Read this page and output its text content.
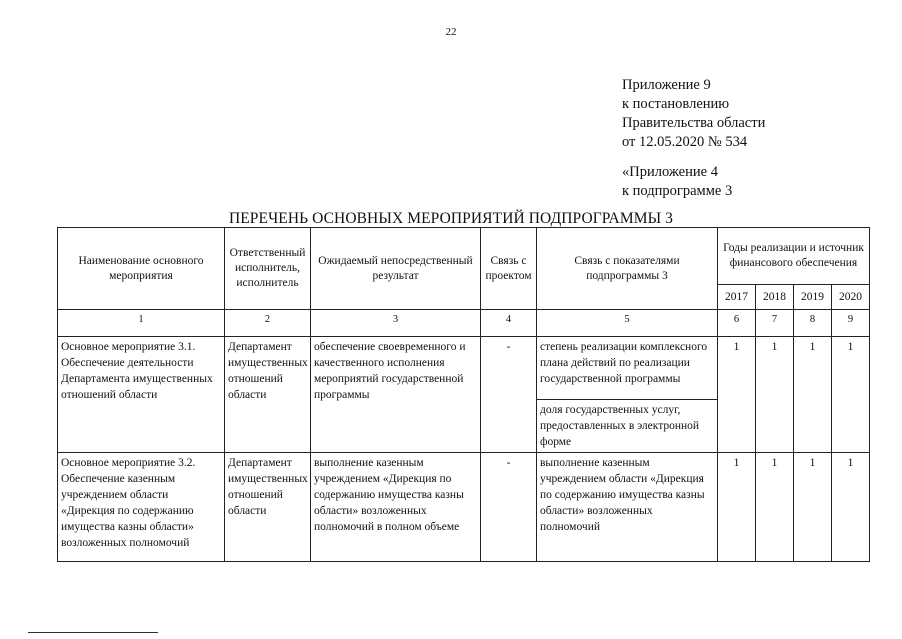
22
Приложение 9
к постановлению
Правительства области
от 12.05.2020 № 534
«Приложение 4
к подпрограмме 3
ПЕРЕЧЕНЬ ОСНОВНЫХ МЕРОПРИЯТИЙ ПОДПРОГРАММЫ 3
Наименование основного мероприятия	Ответственный исполнитель, исполнитель	Ожидаемый непосредственный результат	Связь с проектом	Связь с показателями подпрограммы 3	Годы реализации и источник финансового обеспечения			
					2017	2018	2019	2020
1	2	3	4	5	6	7	8	9
Основное мероприятие 3.1. Обеспечение деятельности Департамента имущественных отношений области	Департамент имущественных отношений области	обеспечение своевременного и качественного исполнения мероприятий государственной программы	-	степень реализации комплексного плана действий по реализации государственной программы	1	1	1	1
				доля государственных услуг, предоставленных в электронной форме				
Основное мероприятие 3.2. Обеспечение казенным учреждением области «Дирекция по содержанию имущества казны области» возложенных полномочий	Департамент имущественных отношений области	выполнение казенным учреждением «Дирекция по содержанию имущества казны области» возложенных полномочий в полном объеме	-	выполнение казенным учреждением области «Дирекция по содержанию имущества казны области» возложенных полномочий	1	1	1	1
